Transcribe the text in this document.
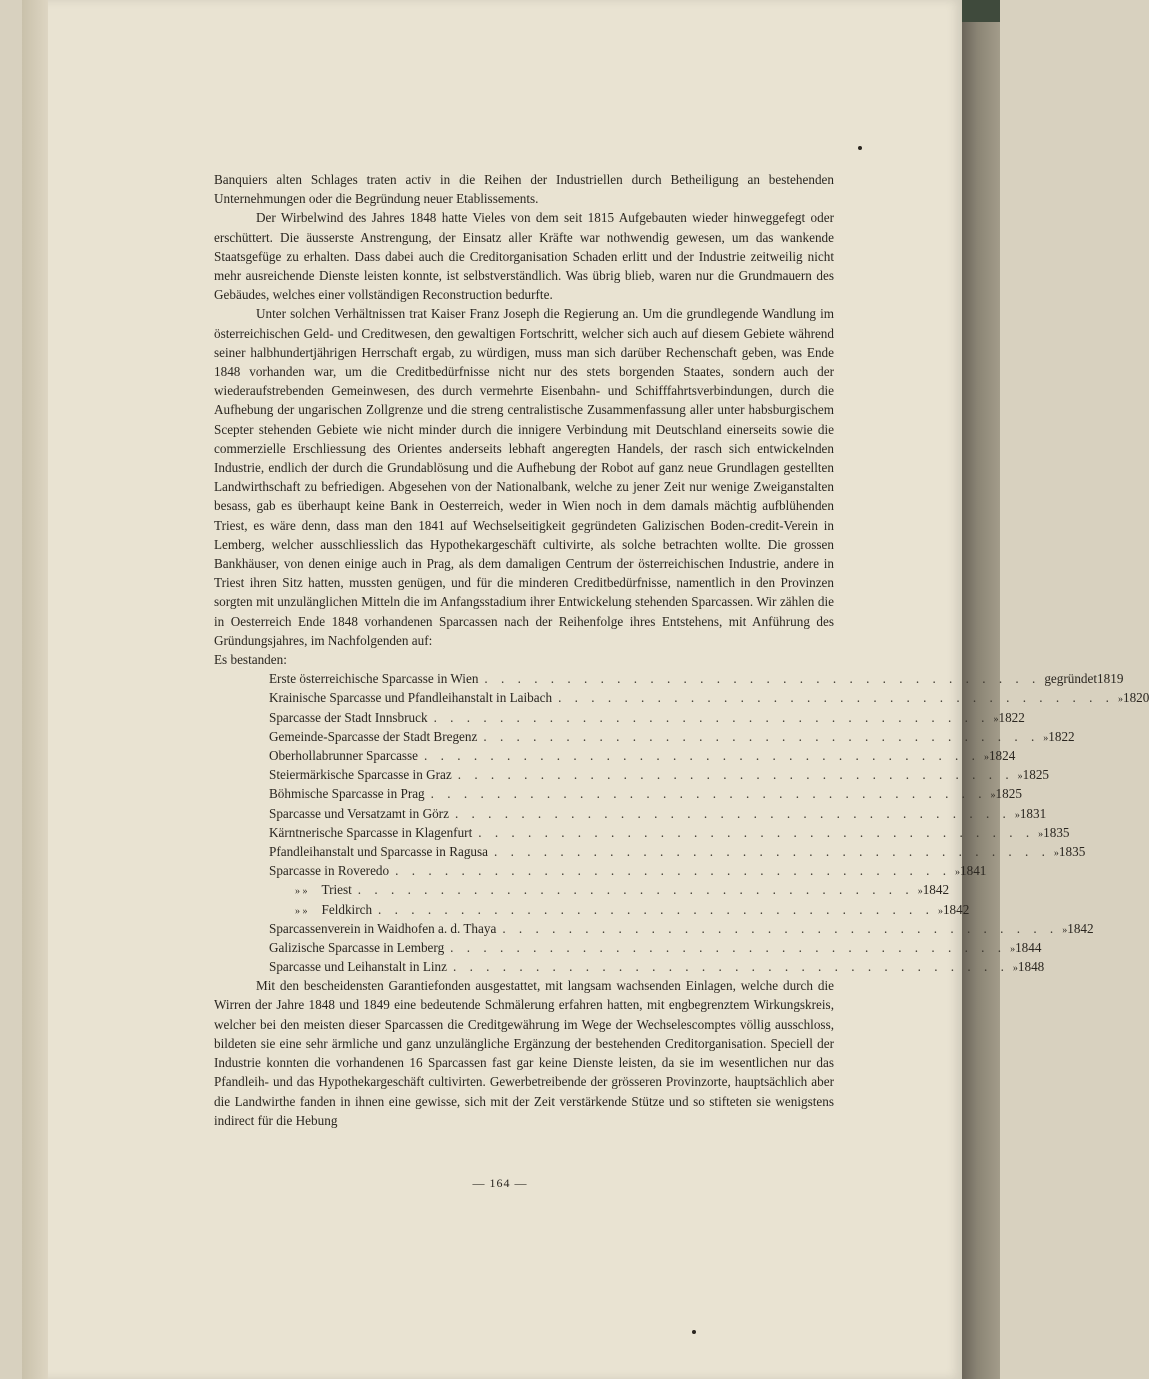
Banquiers alten Schlages traten activ in die Reihen der Industriellen durch Betheiligung an bestehenden Unternehmungen oder die Begründung neuer Etablissements.

Der Wirbelwind des Jahres 1848 hatte Vieles von dem seit 1815 Aufgebauten wieder hinweggefegt oder erschüttert. Die äusserste Anstrengung, der Einsatz aller Kräfte war nothwendig gewesen, um das wankende Staatsgefüge zu erhalten. Dass dabei auch die Creditorganisation Schaden erlitt und der Industrie zeitweilig nicht mehr ausreichende Dienste leisten konnte, ist selbstverständlich. Was übrig blieb, waren nur die Grundmauern des Gebäudes, welches einer vollständigen Reconstruction bedurfte.

Unter solchen Verhältnissen trat Kaiser Franz Joseph die Regierung an. Um die grundlegende Wandlung im österreichischen Geld- und Creditwesen, den gewaltigen Fortschritt, welcher sich auch auf diesem Gebiete während seiner halbhundertjährigen Herrschaft ergab, zu würdigen, muss man sich darüber Rechenschaft geben, was Ende 1848 vorhanden war, um die Creditbedürfnisse nicht nur des stets borgenden Staates, sondern auch der wiederaufstrebenden Gemeinwesen, des durch vermehrte Eisenbahn- und Schifffahrtsverbindungen, durch die Aufhebung der ungarischen Zollgrenze und die streng centralistische Zusammenfassung aller unter habsburgischem Scepter stehenden Gebiete wie nicht minder durch die innigere Verbindung mit Deutschland einerseits sowie die commerzielle Erschliessung des Orientes anderseits lebhaft angeregten Handels, der rasch sich entwickelnden Industrie, endlich der durch die Grundablösung und die Aufhebung der Robot auf ganz neue Grundlagen gestellten Landwirthschaft zu befriedigen. Abgesehen von der Nationalbank, welche zu jener Zeit nur wenige Zweiganstalten besass, gab es überhaupt keine Bank in Oesterreich, weder in Wien noch in dem damals mächtig aufblühenden Triest, es wäre denn, dass man den 1841 auf Wechselseitigkeit gegründeten Galizischen Boden-credit-Verein in Lemberg, welcher ausschliesslich das Hypothekargeschäft cultivirte, als solche betrachten wollte. Die grossen Bankhäuser, von denen einige auch in Prag, als dem damaligen Centrum der österreichischen Industrie, andere in Triest ihren Sitz hatten, mussten genügen, und für die minderen Creditbedürfnisse, namentlich in den Provinzen sorgten mit unzulänglichen Mitteln die im Anfangsstadium ihrer Entwickelung stehenden Sparcassen. Wir zählen die in Oesterreich Ende 1848 vorhandenen Sparcassen nach der Reihenfolge ihres Entstehens, mit Anführung des Gründungsjahres, im Nachfolgenden auf:

Es bestanden:

Erste österreichische Sparcasse in Wien . . . . . . . . . . . . . . . . . . . . . . . . . . . . . . . . . . gegründet 1819
Krainische Sparcasse und Pfandleihanstalt in Laibach . . . . . . . . . . . . . . . . . . . . . . . . . . . . . . . . . . » 1820
Sparcasse der Stadt Innsbruck . . . . . . . . . . . . . . . . . . . . . . . . . . . . . . . . . . » 1822
Gemeinde-Sparcasse der Stadt Bregenz . . . . . . . . . . . . . . . . . . . . . . . . . . . . . . . . . . » 1822
Oberhollabrunner Sparcasse . . . . . . . . . . . . . . . . . . . . . . . . . . . . . . . . . . » 1824
Steiermärkische Sparcasse in Graz . . . . . . . . . . . . . . . . . . . . . . . . . . . . . . . . . . » 1825
Böhmische Sparcasse in Prag . . . . . . . . . . . . . . . . . . . . . . . . . . . . . . . . . . » 1825
Sparcasse und Versatzamt in Görz . . . . . . . . . . . . . . . . . . . . . . . . . . . . . . . . . . » 1831
Kärntnerische Sparcasse in Klagenfurt . . . . . . . . . . . . . . . . . . . . . . . . . . . . . . . . . . » 1835
Pfandleihanstalt und Sparcasse in Ragusa . . . . . . . . . . . . . . . . . . . . . . . . . . . . . . . . . . » 1835
Sparcasse in Roveredo . . . . . . . . . . . . . . . . . . . . . . . . . . . . . . . . . . » 1841
» » Triest . . . . . . . . . . . . . . . . . . . . . . . . . . . . . . . . . . » 1842
» » Feldkirch . . . . . . . . . . . . . . . . . . . . . . . . . . . . . . . . . . » 1842
Sparcassenverein in Waidhofen a. d. Thaya . . . . . . . . . . . . . . . . . . . . . . . . . . . . . . . . . . » 1842
Galizische Sparcasse in Lemberg . . . . . . . . . . . . . . . . . . . . . . . . . . . . . . . . . . » 1844
Sparcasse und Leihanstalt in Linz . . . . . . . . . . . . . . . . . . . . . . . . . . . . . . . . . . » 1848

Mit den bescheidensten Garantiefonden ausgestattet, mit langsam wachsenden Einlagen, welche durch die Wirren der Jahre 1848 und 1849 eine bedeutende Schmälerung erfahren hatten, mit engbegrenztem Wirkungskreis, welcher bei den meisten dieser Sparcassen die Creditgewährung im Wege der Wechselescomptes völlig ausschloss, bildeten sie eine sehr ärmliche und ganz unzulängliche Ergänzung der bestehenden Creditorganisation. Speciell der Industrie konnten die vorhandenen 16 Sparcassen fast gar keine Dienste leisten, da sie im wesentlichen nur das Pfandleih- und das Hypothekargeschäft cultivirten. Gewerbetreibende der grösseren Provinzorte, hauptsächlich aber die Landwirthe fanden in ihnen eine gewisse, sich mit der Zeit verstärkende Stütze und so stifteten sie wenigstens indirect für die Hebung

— 164 —
